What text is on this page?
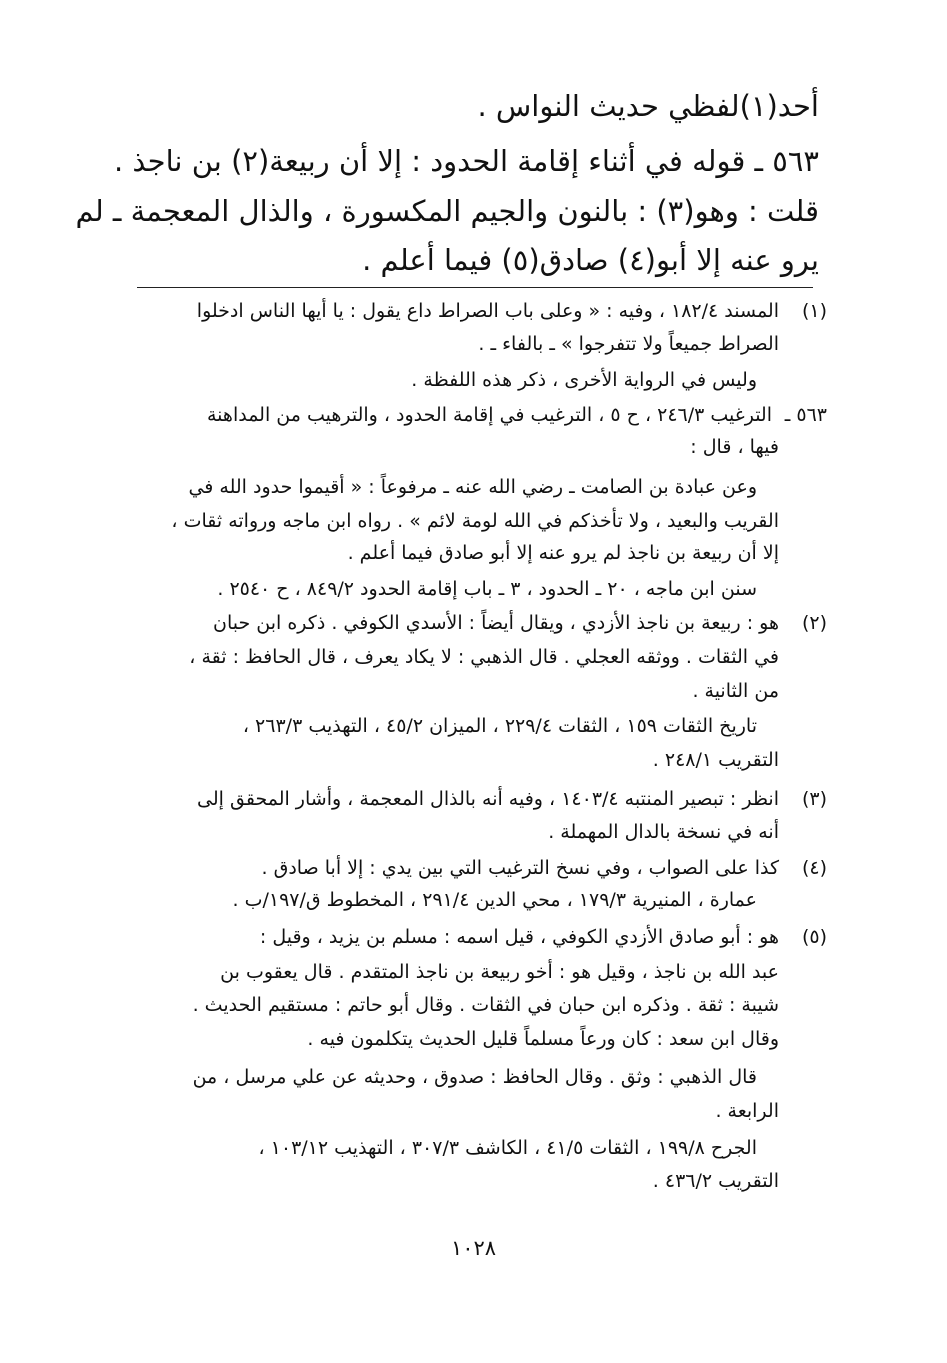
أحد(١)لفظي حديث النواس .
٥٦٣ ـ قوله في أثناء إقامة الحدود : إلا أن ربيعة(٢) بن ناجذ .
قلت : وهو(٣) : بالنون والجيم المكسورة ، والذال المعجمة ـ لم
يرو عنه إلا أبو(٤) صادق(٥) فيما أعلم .
(١)
المسند ١٨٢/٤ ، وفيه : « وعلى باب الصراط داع يقول : يا أيها الناس ادخلوا
الصراط جميعاً ولا تتفرجوا » ـ بالفاء ـ .
وليس في الرواية الأخرى ، ذكر هذه اللفظة .
٥٦٣ ـ
الترغيب ٢٤٦/٣ ، ح ٥ ، الترغيب في إقامة الحدود ، والترهيب من المداهنة
فيها ، قال :
وعن عبادة بن الصامت ـ رضي الله عنه ـ مرفوعاً : « أقيموا حدود الله في
القريب والبعيد ، ولا تأخذكم في الله لومة لائم » . رواه ابن ماجه ورواته ثقات ،
إلا أن ربيعة بن ناجذ لم يرو عنه إلا أبو صادق فيما أعلم .
سنن ابن ماجه ، ٢٠ ـ الحدود ، ٣ ـ باب إقامة الحدود ٨٤٩/٢ ، ح ٢٥٤٠ .
(٢)
هو : ربيعة بن ناجذ الأزدي ، ويقال أيضاً : الأسدي الكوفي . ذكره ابن حبان
في الثقات . ووثقه العجلي . قال الذهبي : لا يكاد يعرف ، قال الحافظ : ثقة ،
من الثانية .
تاريخ الثقات ١٥٩ ، الثقات ٢٢٩/٤ ، الميزان ٤٥/٢ ، التهذيب ٢٦٣/٣ ،
التقريب ٢٤٨/١ .
(٣)
انظر : تبصير المنتبه ١٤٠٣/٤ ، وفيه أنه بالذال المعجمة ، وأشار المحقق إلى
أنه في نسخة بالدال المهملة .
(٤)
كذا على الصواب ، وفي نسخ الترغيب التي بين يدي : إلا أبا صادق .
عمارة ، المنيرية ١٧٩/٣ ، محي الدين ٢٩١/٤ ، المخطوط ق/١٩٧/ب .
(٥)
هو : أبو صادق الأزدي الكوفي ، قيل اسمه : مسلم بن يزيد ، وقيل :
عبد الله بن ناجذ ، وقيل هو : أخو ربيعة بن ناجذ المتقدم . قال يعقوب بن
شيبة : ثقة . وذكره ابن حبان في الثقات . وقال أبو حاتم : مستقيم الحديث .
وقال ابن سعد : كان ورعاً مسلماً قليل الحديث يتكلمون فيه .
قال الذهبي : وثق . وقال الحافظ : صدوق ، وحديثه عن علي مرسل ، من
الرابعة .
الجرح ١٩٩/٨ ، الثقات ٤١/٥ ، الكاشف ٣٠٧/٣ ، التهذيب ١٠٣/١٢ ،
التقريب ٤٣٦/٢ .
١٠٢٨
